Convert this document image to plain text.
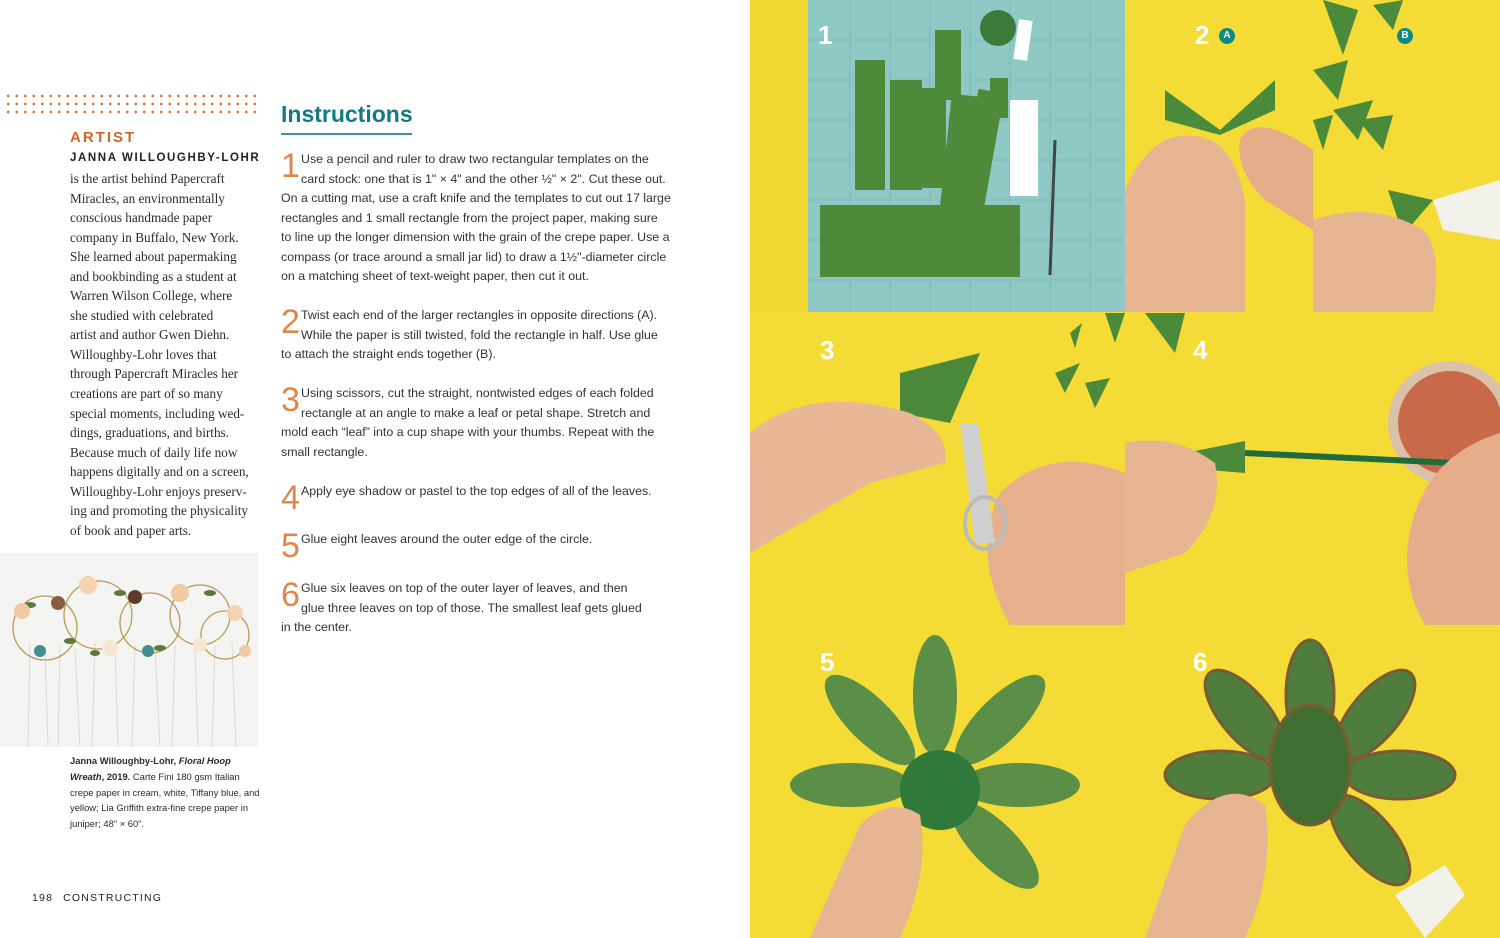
ARTIST
JANNA WILLOUGHBY-LOHR
is the artist behind Papercraft
Miracles, an environmentally
conscious handmade paper
company in Buffalo, New York.
She learned about papermaking
and bookbinding as a student at
Warren Wilson College, where
she studied with celebrated
artist and author Gwen Diehn.
Willoughby-Lohr loves that
through Papercraft Miracles her
creations are part of so many
special moments, including wed-
dings, graduations, and births.
Because much of daily life now
happens digitally and on a screen,
Willoughby-Lohr enjoys preserv-
ing and promoting the physicality
of book and paper arts.
Janna Willoughby-Lohr, Floral Hoop Wreath, 2019. Carte Fini 180 gsm Italian crepe paper in cream, white, Tiffany blue, and yellow; Lia Griffith extra-fine crepe paper in juniper; 48" × 60".
198 CONSTRUCTING
Instructions
1 Use a pencil and ruler to draw two rectangular templates on the
card stock: one that is 1" × 4" and the other ½" × 2". Cut these out.
On a cutting mat, use a craft knife and the templates to cut out 17 large
rectangles and 1 small rectangle from the project paper, making sure
to line up the longer dimension with the grain of the crepe paper. Use a
compass (or trace around a small jar lid) to draw a 1½"-diameter circle
on a matching sheet of text-weight paper, then cut it out.
2 Twist each end of the larger rectangles in opposite directions (A).
While the paper is still twisted, fold the rectangle in half. Use glue
to attach the straight ends together (B).
3 Using scissors, cut the straight, nontwisted edges of each folded
rectangle at an angle to make a leaf or petal shape. Stretch and
mold each “leaf” into a cup shape with your thumbs. Repeat with the
small rectangle.
4 Apply eye shadow or pastel to the top edges of all of the leaves.
5 Glue eight leaves around the outer edge of the circle.
6 Glue six leaves on top of the outer layer of leaves, and then
glue three leaves on top of those. The smallest leaf gets glued
in the center.
1	2	A	B
3	4
5	6
